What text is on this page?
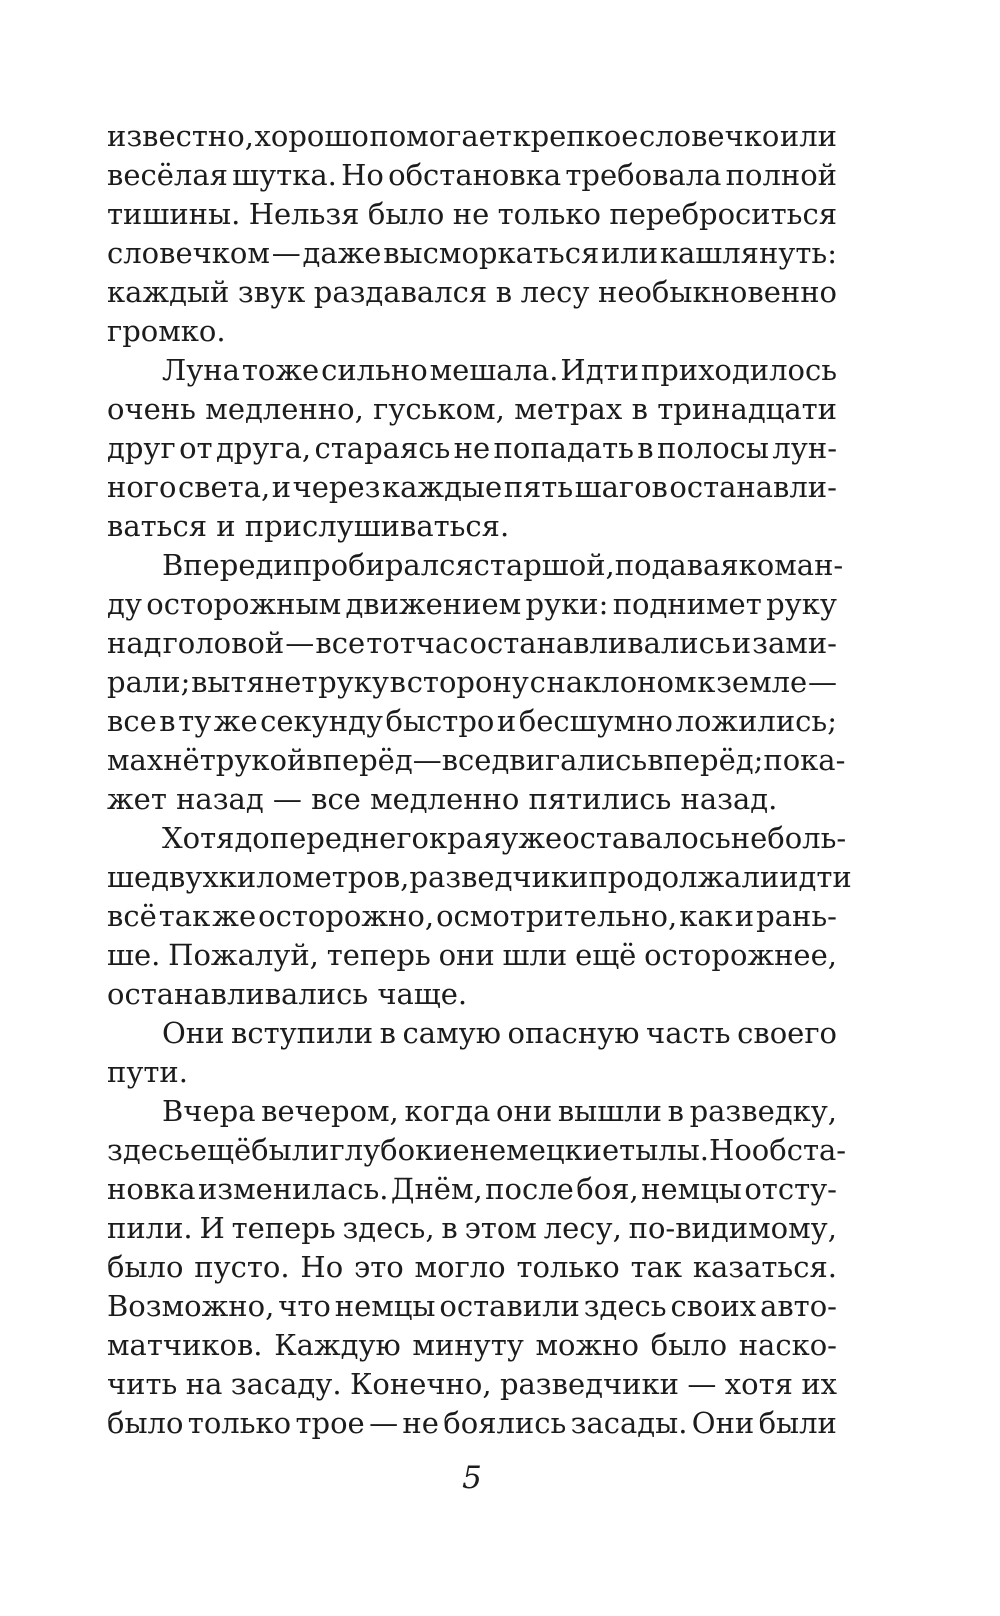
известно, хорошо помогает крепкое словечко или
весёлая шутка. Но обстановка требовала полной
тишины. Нельзя было не только переброситься
словечком — даже высморкаться или кашлянуть:
каждый звук раздавался в лесу необыкновенно
громко.
Луна тоже сильно мешала. Идти приходилось
очень медленно, гуськом, метрах в тринадцати
друг от друга, стараясь не попадать в полосы лун-
ного света, и через каждые пять шагов останавли-
ваться и прислушиваться.
Впереди пробирался старшой, подавая коман-
ду осторожным движением руки: поднимет руку
над головой — все тотчас останавливались и зами-
рали; вытянет руку в сторону с наклоном к земле —
все в ту же секунду быстро и бесшумно ложились;
махнёт рукой вперёд — все двигались вперёд; пока-
жет назад — все медленно пятились назад.
Хотя до переднего края уже оставалось не боль-
ше двух километров, разведчики продолжали идти
всё так же осторожно, осмотрительно, как и рань-
ше. Пожалуй, теперь они шли ещё осторожнее,
останавливались чаще.
Они вступили в самую опасную часть своего
пути.
Вчера вечером, когда они вышли в разведку,
здесь ещё были глубокие немецкие тылы. Но обста-
новка изменилась. Днём, после боя, немцы отсту-
пили. И теперь здесь, в этом лесу, по-видимому,
было пусто. Но это могло только так казаться.
Возможно, что немцы оставили здесь своих авто-
матчиков. Каждую минуту можно было наско-
чить на засаду. Конечно, разведчики — хотя их
было только трое — не боялись засады. Они были
5
